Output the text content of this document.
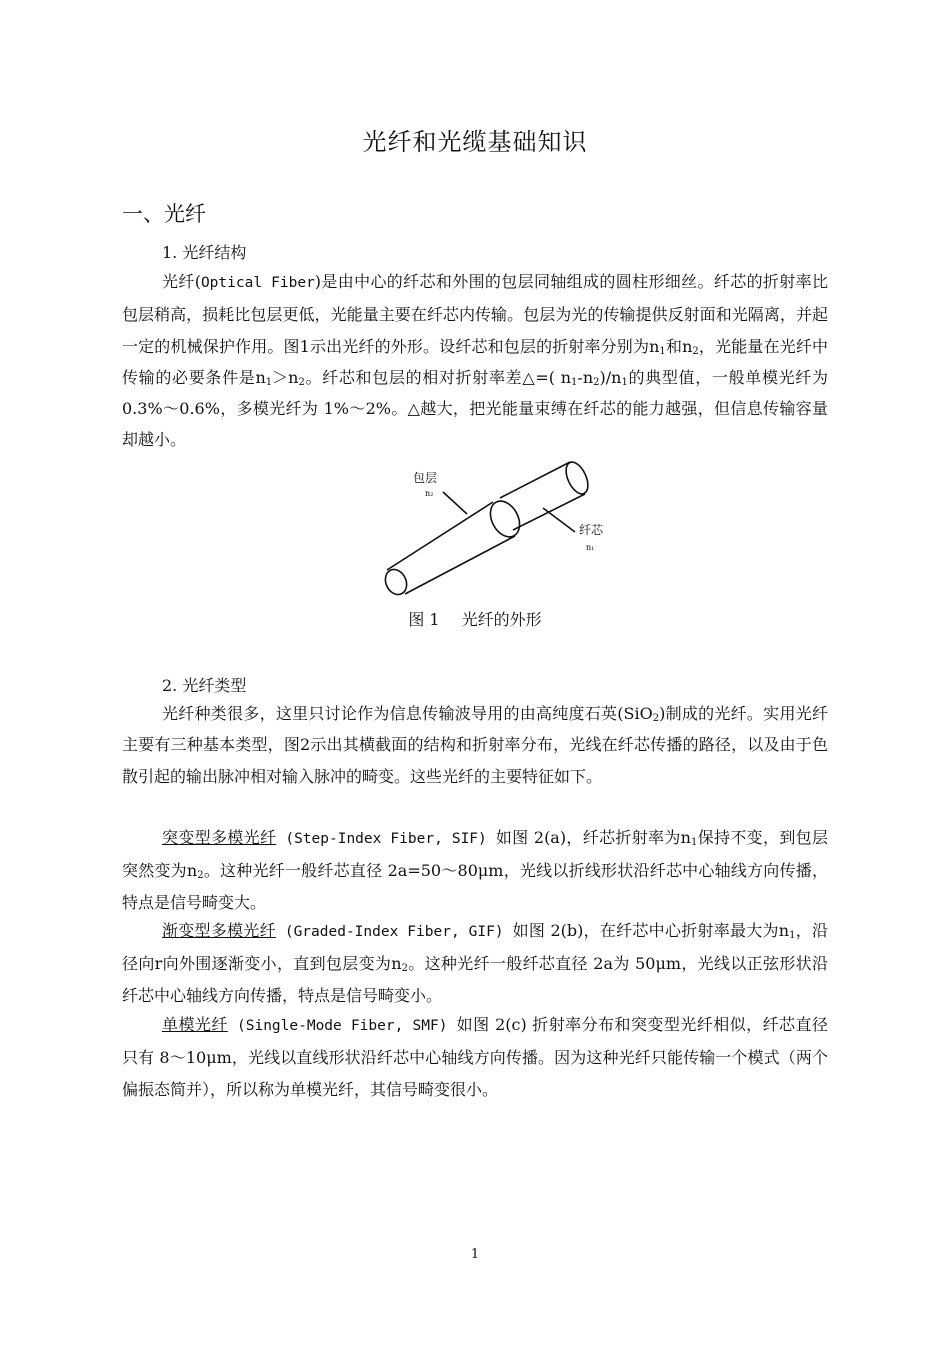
光纤和光缆基础知识
一、光纤
1. 光纤结构
光纤(Optical Fiber)是由中心的纤芯和外围的包层同轴组成的圆柱形细丝。纤芯的折射率比包层稍高，损耗比包层更低，光能量主要在纤芯内传输。包层为光的传输提供反射面和光隔离，并起一定的机械保护作用。图1示出光纤的外形。设纤芯和包层的折射率分别为$n_1$和$n_2$，光能量在光纤中传输的必要条件是$n_1>n_2$。纤芯和包层的相对折射率差△=( $n_1-n_2)/n_1$的典型值，一般单模光纤为 0.3%～0.6%，多模光纤为 1%～2%。△越大，把光能量束缚在纤芯的能力越强，但信息传输容量却越小。
包层
n₂
纤芯
n₁
图 1 光纤的外形
2. 光纤类型
光纤种类很多，这里只讨论作为信息传输波导用的由高纯度石英(SiO$_2$)制成的光纤。实用光纤主要有三种基本类型，图2示出其横截面的结构和折射率分布，光线在纤芯传播的路径，以及由于色散引起的输出脉冲相对输入脉冲的畸变。这些光纤的主要特征如下。
突变型多模光纤 (Step-Index Fiber, SIF) 如图 2(a)，纤芯折射率为$n_1$保持不变，到包层突然变为$n_2$。这种光纤一般纤芯直径 2a=50～80μm，光线以折线形状沿纤芯中心轴线方向传播，特点是信号畸变大。
渐变型多模光纤 (Graded-Index Fiber, GIF) 如图 2(b)，在纤芯中心折射率最大为$n_1$，沿径向r向外围逐渐变小，直到包层变为$n_2$。这种光纤一般纤芯直径 2a为 50μm，光线以正弦形状沿纤芯中心轴线方向传播，特点是信号畸变小。
单模光纤 (Single-Mode Fiber, SMF) 如图 2(c) 折射率分布和突变型光纤相似，纤芯直径只有 8～10μm，光线以直线形状沿纤芯中心轴线方向传播。因为这种光纤只能传输一个模式（两个偏振态简并），所以称为单模光纤，其信号畸变很小。
1
